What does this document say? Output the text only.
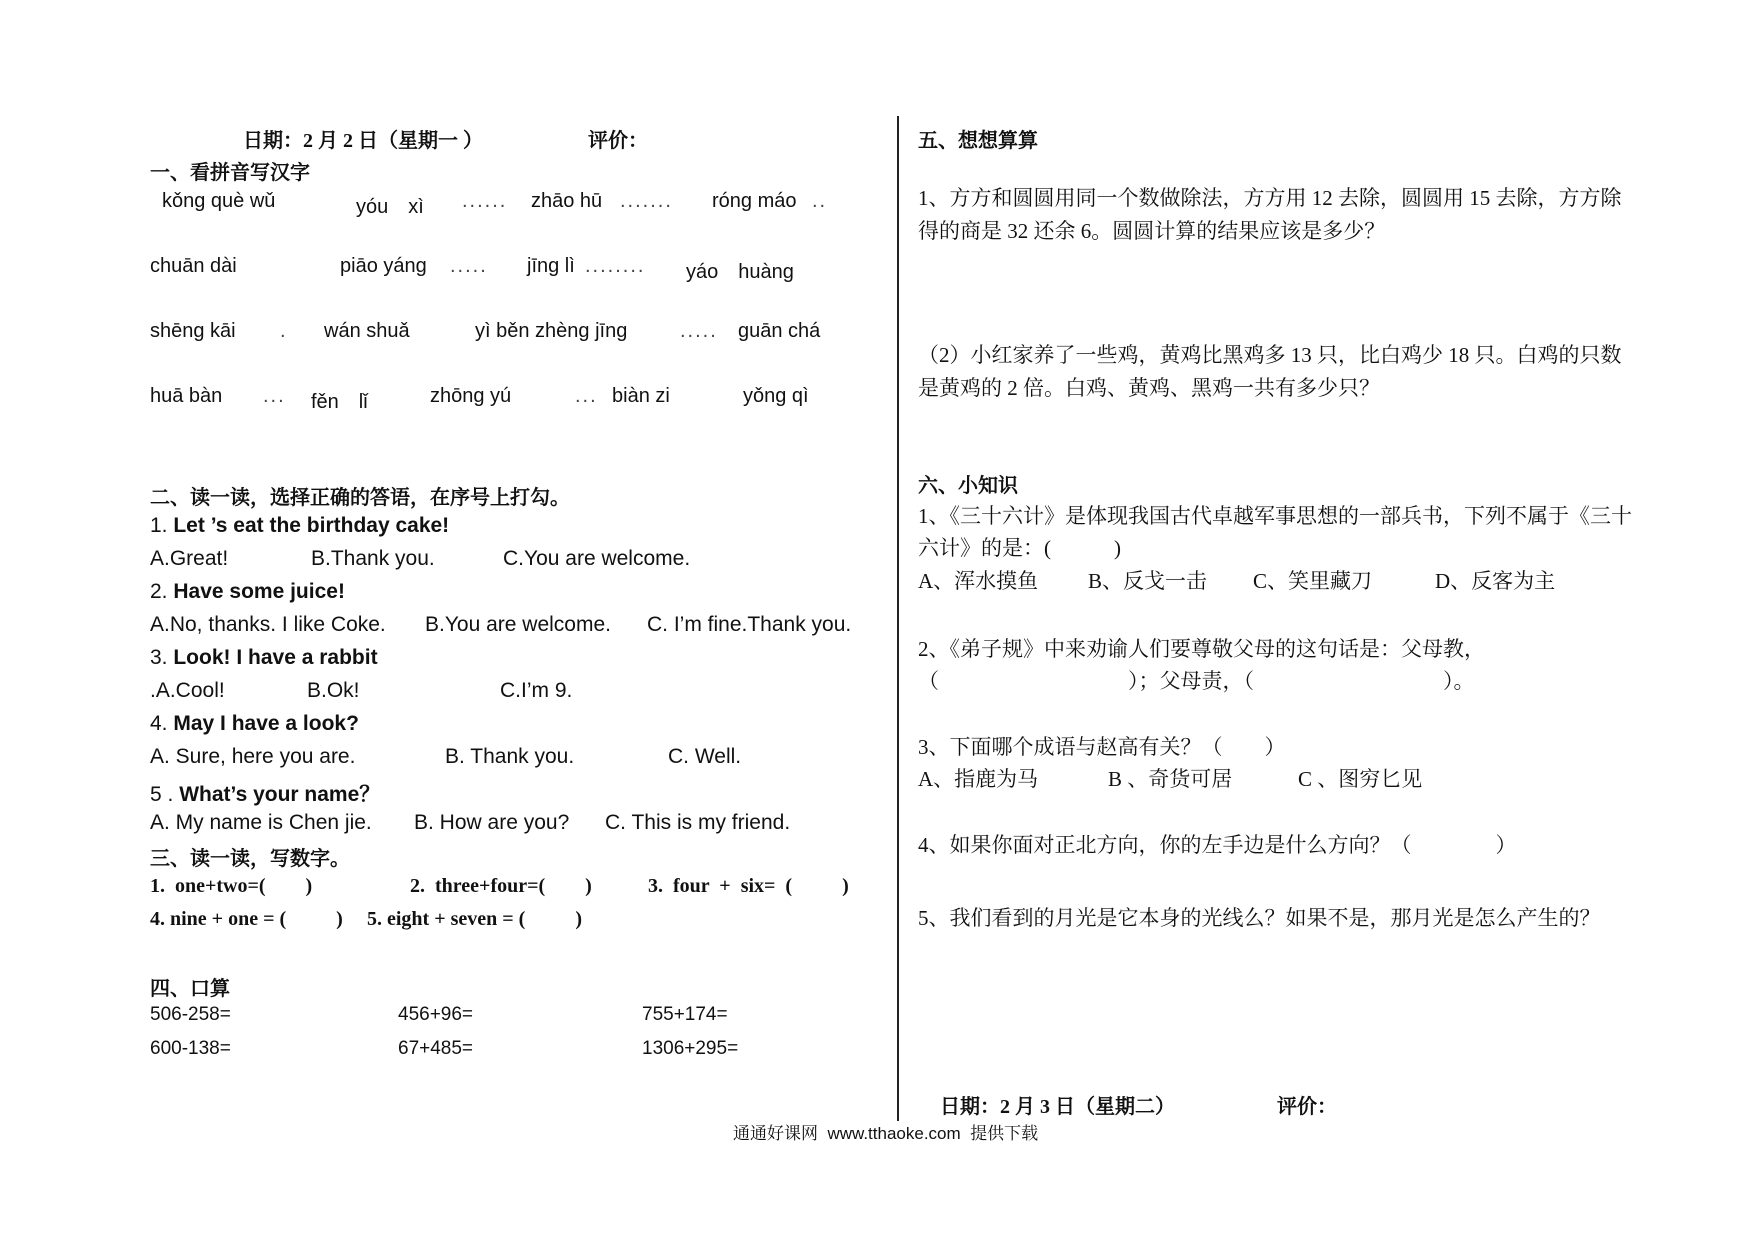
日期：2 月 2 日（星期一 ）	评价：
一、看拼音写汉字
kǒng què wǔ	yóu　xì ...... zhāo hū ....... róng máo ..
chuān dài	piāo yáng ..... jīng lì ........ yáo　huàng
shēng kāi . wán shuǎ	yì běn zhèng jīng	..... guān chá
huā bàn ... fěn　lǐ	zhōng yú	... biàn zi	yǒng qì
二、读一读，选择正确的答语，在序号上打勾。
1. Let ’s eat the birthday cake!
A.Great!	B.Thank you.	C.You are welcome.
2. Have some juice!
A.No, thanks. I like Coke. B.You are welcome. C. I’m fine.Thank you.
3. Look! I have a rabbit
.A.Cool!	B.Ok!	C.I’m 9.
4. May I have a look?
A. Sure, here you are.	B. Thank you.	C. Well.
5 . What’s your name？
A. My name is Chen jie. B. How are you? C. This is my friend.
三、读一读，写数字。
1.  one+two=(        )	2.  three+four=(        )	3.  four  +  six=  (          )
4. nine + one = (          ) 5. eight + seven = (          )
四、口算
506-258=	456+96=	755+174=
600-138=	67+485=	1306+295=
五、想想算算
1、方方和圆圆用同一个数做除法，方方用 12 去除，圆圆用 15 去除，方方除得的商是 32 还余 6。圆圆计算的结果应该是多少？
（2）小红家养了一些鸡，黄鸡比黑鸡多 13 只，比白鸡少 18 只。白鸡的只数是黄鸡的 2 倍。白鸡、黄鸡、黑鸡一共有多少只？
六、小知识
1、《三十六计》是体现我国古代卓越军事思想的一部兵书，下列不属于《三十六计》的是：(　　　)
A、浑水摸鱼 B、反戈一击 C、笑里藏刀	D、反客为主
2、《弟子规》中来劝谕人们要尊敬父母的这句话是：父母教，
（　　　　　　　　　）；父母责，（　　　　　　　　　）。
3、下面哪个成语与赵高有关？（　　）
A、指鹿为马	B 、奇货可居	C 、图穷匕见
4、如果你面对正北方向，你的左手边是什么方向？（　　　　）
5、我们看到的月光是它本身的光线么？如果不是，那月光是怎么产生的？
日期：2 月 3 日（星期二）	评价：
通通好课网  www.tthaoke.com  提供下载
